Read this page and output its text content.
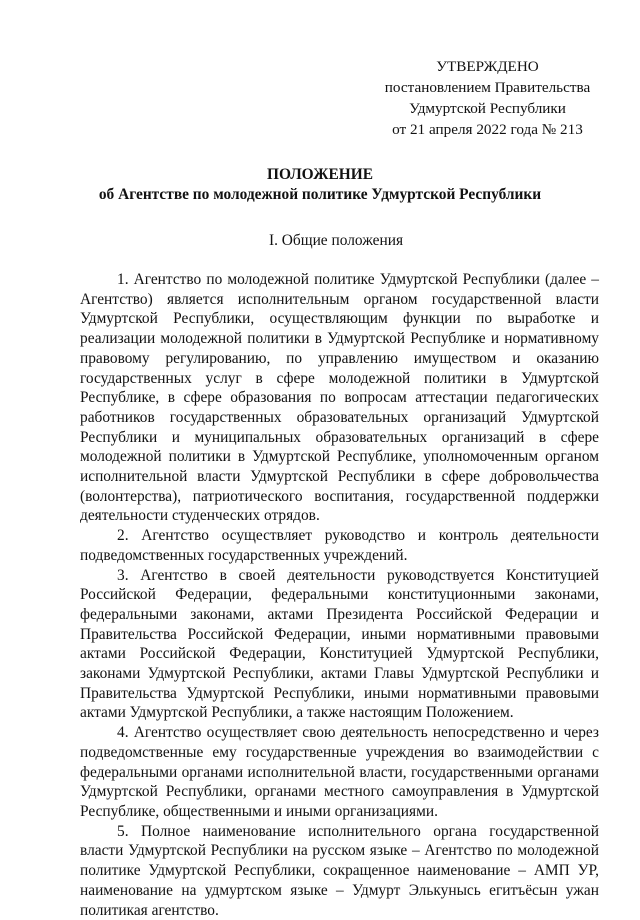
УТВЕРЖДЕНО
постановлением Правительства
Удмуртской Республики
от 21 апреля 2022 года № 213
ПОЛОЖЕНИЕ
об Агентстве по молодежной политике Удмуртской Республики
I. Общие положения

1. Агентство по молодежной политике Удмуртской Республики (далее – Агентство) является исполнительным органом государственной власти Удмуртской Республики, осуществляющим функции по выработке и реализации молодежной политики в Удмуртской Республике и нормативному правовому регулированию, по управлению имуществом и оказанию государственных услуг в сфере молодежной политики в Удмуртской Республике, в сфере образования по вопросам аттестации педагогических работников государственных образовательных организаций Удмуртской Республики и муниципальных образовательных организаций в сфере молодежной политики в Удмуртской Республике, уполномоченным органом исполнительной власти Удмуртской Республики в сфере добровольчества (волонтерства), патриотического воспитания, государственной поддержки деятельности студенческих отрядов.

2. Агентство осуществляет руководство и контроль деятельности подведомственных государственных учреждений.

3. Агентство в своей деятельности руководствуется Конституцией Российской Федерации, федеральными конституционными законами, федеральными законами, актами Президента Российской Федерации и Правительства Российской Федерации, иными нормативными правовыми актами Российской Федерации, Конституцией Удмуртской Республики, законами Удмуртской Республики, актами Главы Удмуртской Республики и Правительства Удмуртской Республики, иными нормативными правовыми актами Удмуртской Республики, а также настоящим Положением.

4. Агентство осуществляет свою деятельность непосредственно и через подведомственные ему государственные учреждения во взаимодействии с федеральными органами исполнительной власти, государственными органами Удмуртской Республики, органами местного самоуправления в Удмуртской Республике, общественными и иными организациями.

5. Полное наименование исполнительного органа государственной власти Удмуртской Республики на русском языке – Агентство по молодежной политике Удмуртской Республики, сокращенное наименование – АМП УР, наименование на удмуртском языке – Удмурт Элькунысь егитъёсын ужан политикая агентство.
